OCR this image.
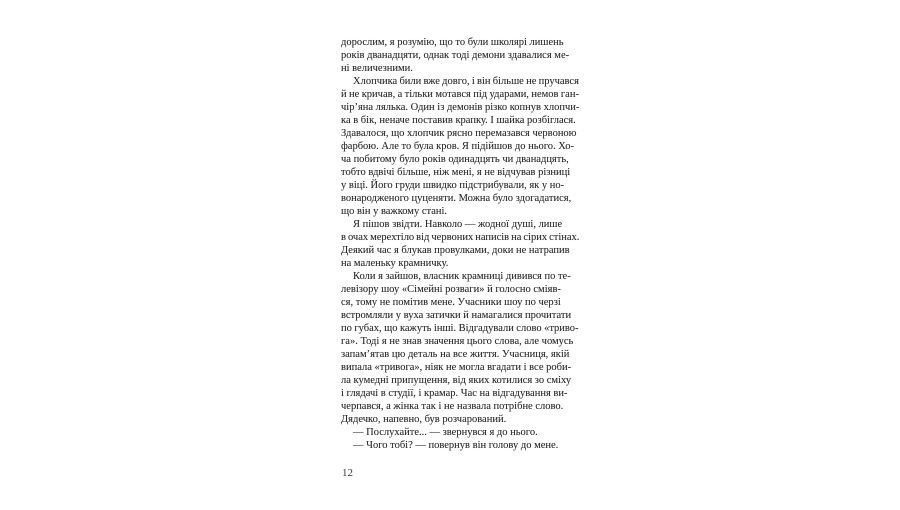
дорослим, я розумію, що то були школярі лишень
років дванадцяти, однак тоді демони здавалися ме-
ні величезними.

Хлопчика били вже довго, і він більше не пручався
й не кричав, а тільки мотався під ударами, немов ган-
чір’яна лялька. Один із демонів різко копнув хлопчи-
ка в бік, неначе поставив крапку. І шайка розбіглася.
Здавалося, що хлопчик рясно перемазався червоною
фарбою. Але то була кров. Я підійшов до нього. Хо-
ча побитому було років одинадцять чи дванадцять,
тобто вдвічі більше, ніж мені, я не відчував різниці
у віці. Його груди швидко підстрибували, як у но-
вонародженого цуценяти. Можна було здогадатися,
що він у важкому стані.

Я пішов звідти. Навколо — жодної душі, лише
в очах мерехтіло від червоних написів на сірих стінах.
Деякий час я блукав провулками, доки не натрапив
на маленьку крамничку.

Коли я зайшов, власник крамниці дивився по те-
левізору шоу «Сімейні розваги» й голосно сміяв-
ся, тому не помітив мене. Учасники шоу по черзі
встромляли у вуха затички й намагалися прочитати
по губах, що кажуть інші. Відгадували слово «триво-
га». Тоді я не знав значення цього слова, але чомусь
запам’ятав цю деталь на все життя. Учасниця, якій
випала «тривога», ніяк не могла вгадати і все роби-
ла кумедні припущення, від яких котилися зо сміху
і глядачі в студії, і крамар. Час на відгадування ви-
черпався, а жінка так і не назвала потрібне слово.
Дядечко, напевно, був розчарований.

— Послухайте... — звернувся я до нього.

— Чого тобі? — повернув він голову до мене.

12
